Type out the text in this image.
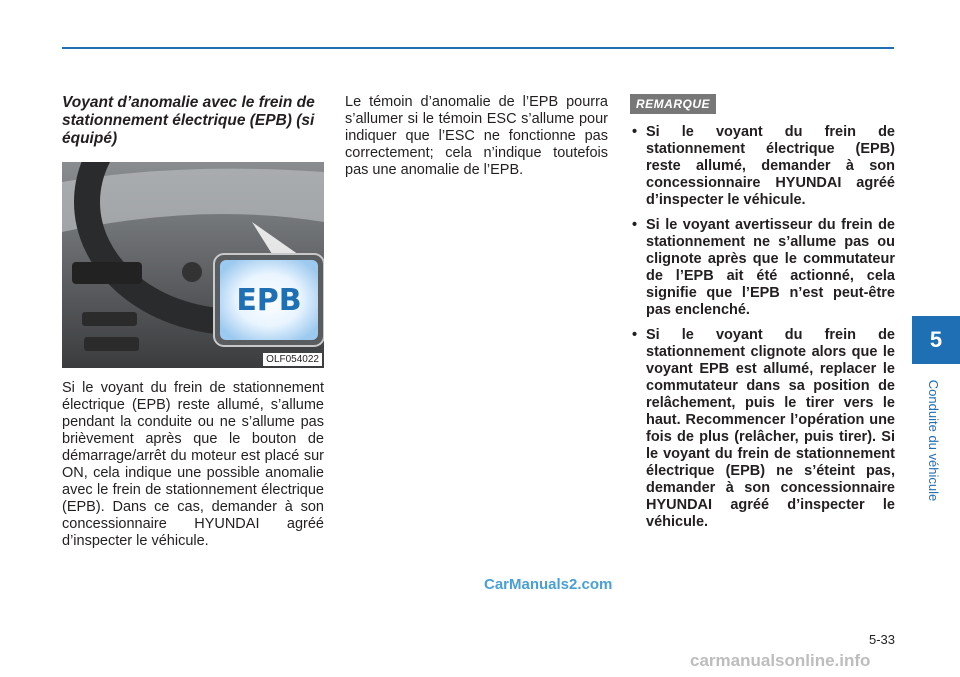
Voyant d’anomalie avec le frein de stationnement électrique (EPB) (si équipé)
EPB
OLF054022

Si le voyant du frein de stationnement électrique (EPB) reste allumé, s’allume pendant la conduite ou ne s’allume pas brièvement après que le bouton de démarrage/arrêt du moteur est placé sur ON, cela indique une possible anomalie avec le frein de stationnement électrique (EPB). Dans ce cas, demander à son concessionnaire HYUNDAI agréé d’inspecter le véhicule.

Le témoin d’anomalie de l’EPB pourra s’allumer si le témoin ESC s’allume pour indiquer que l’ESC ne fonctionne pas correctement; cela n’indique toutefois pas une anomalie de l’EPB.

REMARQUE
• Si le voyant du frein de stationnement électrique (EPB) reste allumé, demander à son concessionnaire HYUNDAI agréé d’inspecter le véhicule.
• Si le voyant avertisseur du frein de stationnement ne s’allume pas ou clignote après que le commutateur de l’EPB ait été actionné, cela signifie que l’EPB n’est peut-être pas enclenché.
• Si le voyant du frein de stationnement clignote alors que le voyant EPB est allumé, replacer le commutateur dans sa position de relâchement, puis le tirer vers le haut. Recommencer l’opération une fois de plus (relâcher, puis tirer). Si le voyant du frein de stationnement électrique (EPB) ne s’éteint pas, demander à son concessionnaire HYUNDAI agréé d’inspecter le véhicule.
5
Conduite du véhicule
CarManuals2.com
5-33
carmanualsonline.info
